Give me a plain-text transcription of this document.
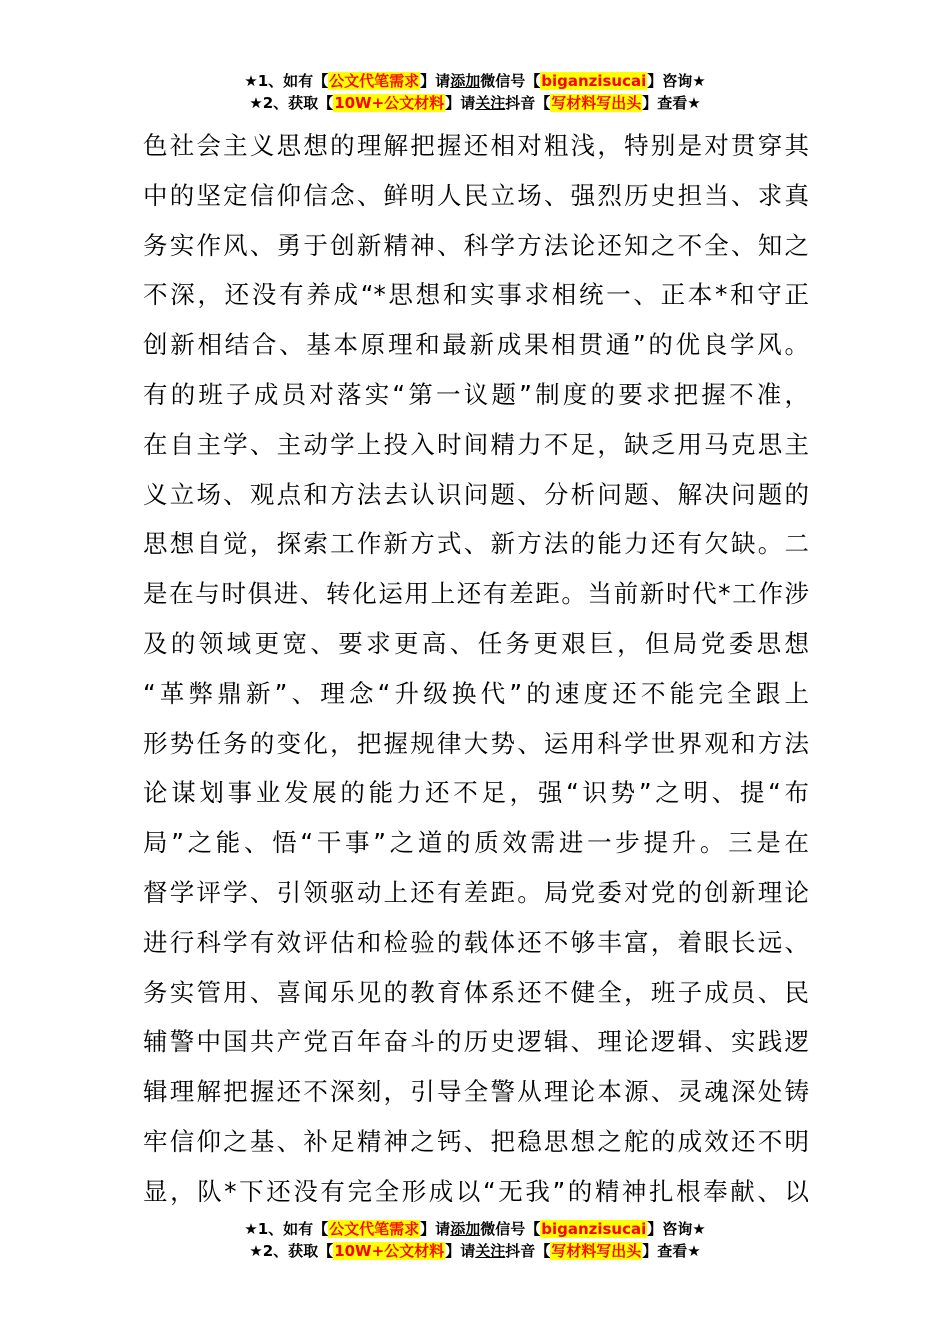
★1、如有【公文代笔需求】请添加微信号【biganzisucai】咨询★
★2、获取【10W+公文材料】请关注抖音【写材料写出头】查看★
色社会主义思想的理解把握还相对粗浅，特别是对贯穿其
中的坚定信仰信念、鲜明人民立场、强烈历史担当、求真
务实作风、勇于创新精神、科学方法论还知之不全、知之
不深，还没有养成“*思想和实事求相统一、正本*和守正
创新相结合、基本原理和最新成果相贯通”的优良学风。
有的班子成员对落实“第一议题”制度的要求把握不准，
在自主学、主动学上投入时间精力不足，缺乏用马克思主
义立场、观点和方法去认识问题、分析问题、解决问题的
思想自觉，探索工作新方式、新方法的能力还有欠缺。二
是在与时俱进、转化运用上还有差距。当前新时代*工作涉
及的领域更宽、要求更高、任务更艰巨，但局党委思想
“革弊鼎新”、理念“升级换代”的速度还不能完全跟上
形势任务的变化，把握规律大势、运用科学世界观和方法
论谋划事业发展的能力还不足，强“识势”之明、提“布
局”之能、悟“干事”之道的质效需进一步提升。三是在
督学评学、引领驱动上还有差距。局党委对党的创新理论
进行科学有效评估和检验的载体还不够丰富，着眼长远、
务实管用、喜闻乐见的教育体系还不健全，班子成员、民
辅警中国共产党百年奋斗的历史逻辑、理论逻辑、实践逻
辑理解把握还不深刻，引导全警从理论本源、灵魂深处铸
牢信仰之基、补足精神之钙、把稳思想之舵的成效还不明
显，队*下还没有完全形成以“无我”的精神扎根奉献、以
★1、如有【公文代笔需求】请添加微信号【biganzisucai】咨询★
★2、获取【10W+公文材料】请关注抖音【写材料写出头】查看★
